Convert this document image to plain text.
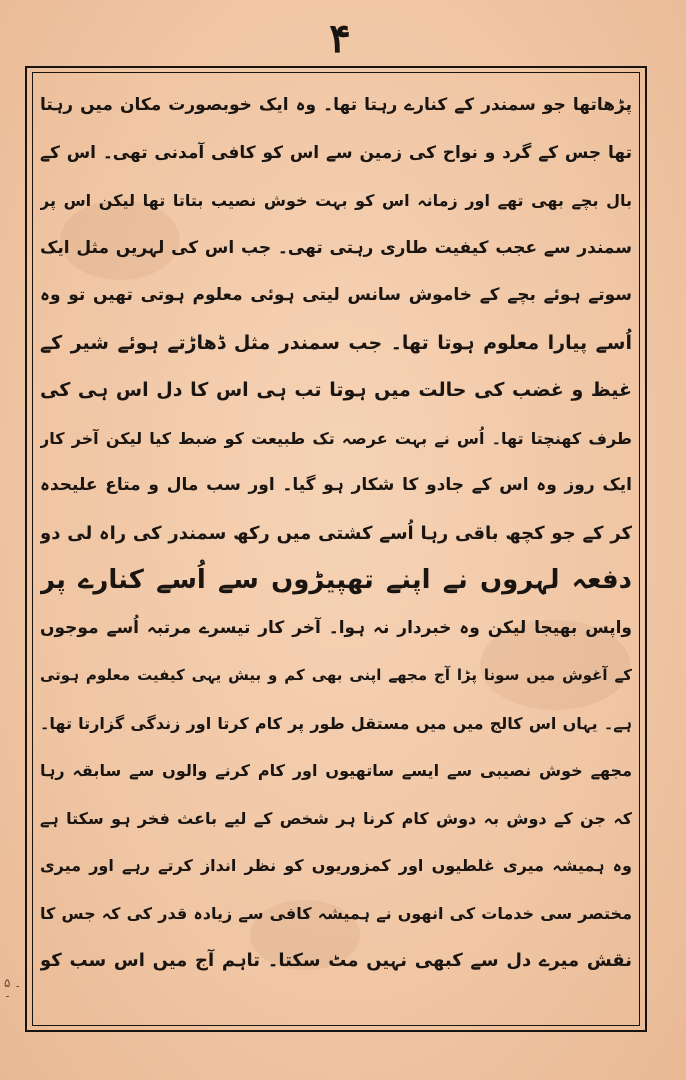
۴
پڑھاتھا جو سمندر کے کنارے رہتا تھا۔ وہ ایک خوبصورت مکان میں رہتا
تھا جس کے گرد و نواح کی زمین سے اس کو کافی آمدنی تھی۔ اس کے
بال بچے بھی تھے اور زمانہ اس کو بہت خوش نصیب بتاتا تھا لیکن اس پر
سمندر سے عجب کیفیت طاری رہتی تھی۔ جب اس کی لہریں مثل ایک
سوتے ہوئے بچے کے خاموش سانس لیتی ہوئی معلوم ہوتی تھیں تو وہ
اُسے پیارا معلوم ہوتا تھا۔ جب سمندر مثل ڈھاڑتے ہوئے شیر کے
غیظ و غضب کی حالت میں ہوتا تب ہی اس کا دل اس ہی کی
طرف کھنچتا تھا۔ اُس نے بہت عرصہ تک طبیعت کو ضبط کیا لیکن آخر کار
ایک روز وہ اس کے جادو کا شکار ہو گیا۔ اور سب مال و متاع علیحدہ
کر کے جو کچھ باقی رہا اُسے کشتی میں رکھ سمندر کی راہ لی دو
دفعہ لہروں نے اپنے تھپیڑوں سے اُسے کنارے پر
واپس بھیجا لیکن وہ خبردار نہ ہوا۔ آخر کار تیسرے مرتبہ اُسے موجوں
کے آغوش میں سونا پڑا آج مجھے اپنی بھی کم و بیش یہی کیفیت معلوم ہوتی
ہے۔ یہاں اس کالج میں میں مستقل طور پر کام کرتا اور زندگی گزارتا تھا۔
مجھے خوش نصیبی سے ایسے ساتھیوں اور کام کرنے والوں سے سابقہ رہا
کہ جن کے دوش بہ دوش کام کرنا ہر شخص کے لیے باعث فخر ہو سکتا ہے
وہ ہمیشہ میری غلطیوں اور کمزوریوں کو نظر انداز کرتے رہے اور میری
مختصر سی خدمات کی انھوں نے ہمیشہ کافی سے زیادہ قدر کی کہ جس کا
نقش میرے دل سے کبھی نہیں مٹ سکتا۔ تاہم آج میں اس سب کو
۔ ۵ ۔
